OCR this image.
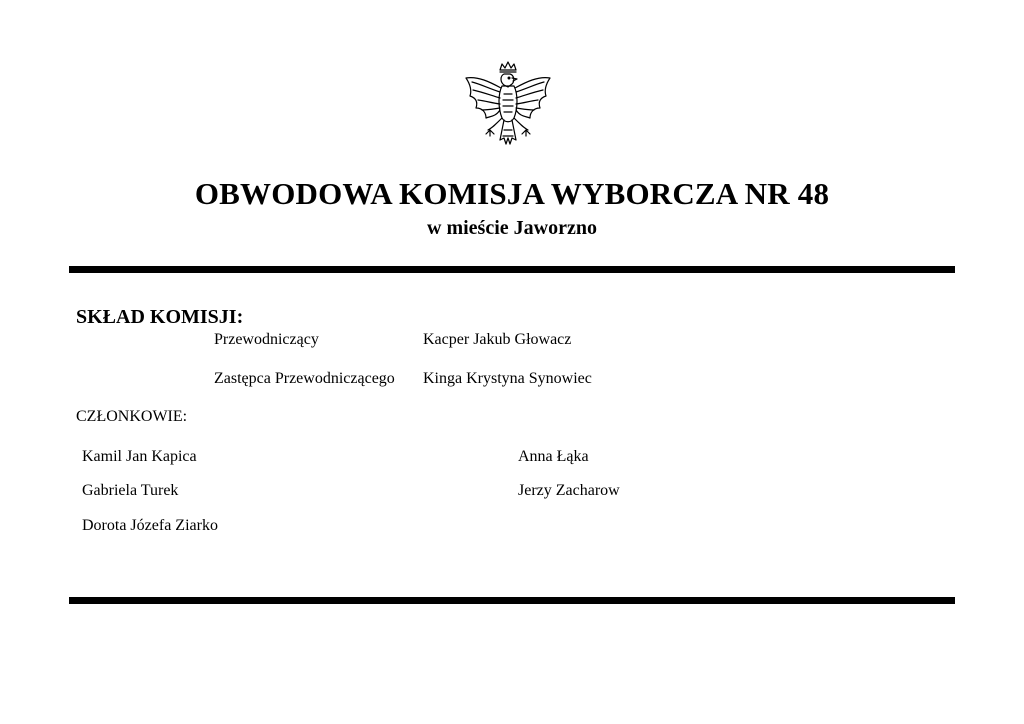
OBWODOWA KOMISJA WYBORCZA NR 48
w mieście Jaworzno
SKŁAD KOMISJI:
Przewodniczący	Kacper Jakub Głowacz
Zastępca Przewodniczącego Kinga Krystyna Synowiec
CZŁONKOWIE:
Kamil Jan Kapica
Gabriela Turek
Dorota Józefa Ziarko
Anna Łąka
Jerzy Zacharow
